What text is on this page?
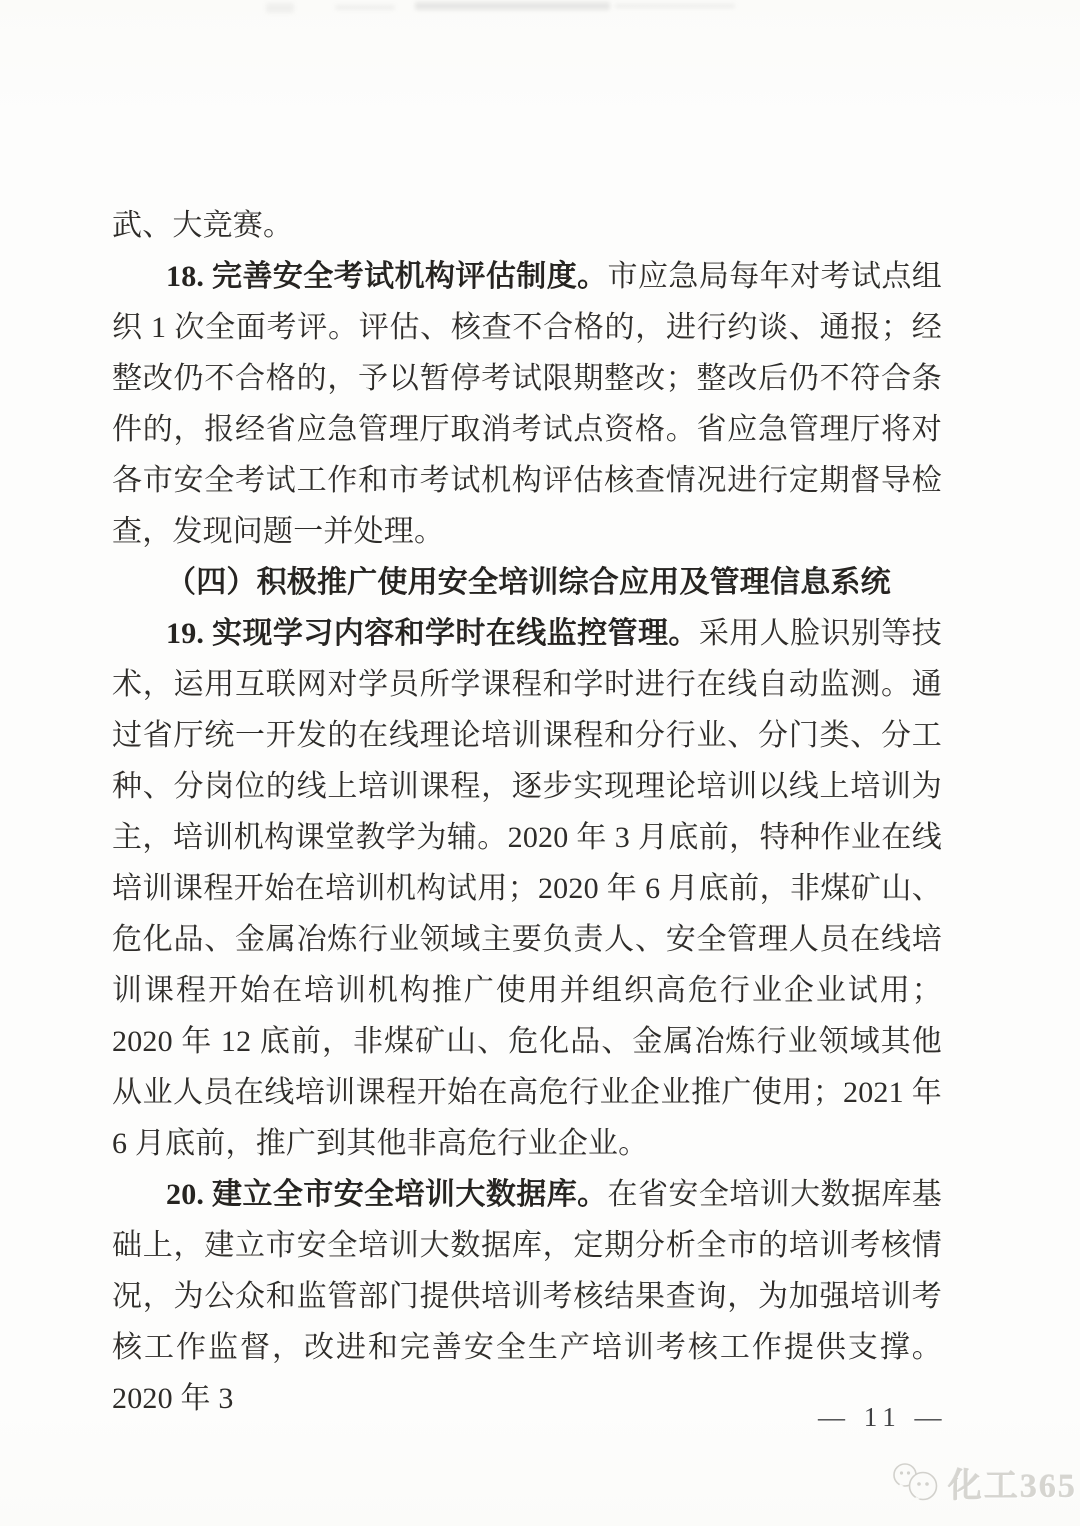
武、大竞赛。

18. 完善安全考试机构评估制度。市应急局每年对考试点组织 1 次全面考评。评估、核查不合格的，进行约谈、通报；经整改仍不合格的，予以暂停考试限期整改；整改后仍不符合条件的，报经省应急管理厅取消考试点资格。省应急管理厅将对各市安全考试工作和市考试机构评估核查情况进行定期督导检查，发现问题一并处理。

（四）积极推广使用安全培训综合应用及管理信息系统

19. 实现学习内容和学时在线监控管理。采用人脸识别等技术，运用互联网对学员所学课程和学时进行在线自动监测。通过省厅统一开发的在线理论培训课程和分行业、分门类、分工种、分岗位的线上培训课程，逐步实现理论培训以线上培训为主，培训机构课堂教学为辅。2020 年 3 月底前，特种作业在线培训课程开始在培训机构试用；2020 年 6 月底前，非煤矿山、危化品、金属冶炼行业领域主要负责人、安全管理人员在线培训课程开始在培训机构推广使用并组织高危行业企业试用；2020 年 12 底前，非煤矿山、危化品、金属冶炼行业领域其他从业人员在线培训课程开始在高危行业企业推广使用；2021 年 6 月底前，推广到其他非高危行业企业。

20. 建立全市安全培训大数据库。在省安全培训大数据库基础上，建立市安全培训大数据库，定期分析全市的培训考核情况，为公众和监管部门提供培训考核结果查询，为加强培训考核工作监督，改进和完善安全生产培训考核工作提供支撑。2020 年 3

— 11 —
化工365
